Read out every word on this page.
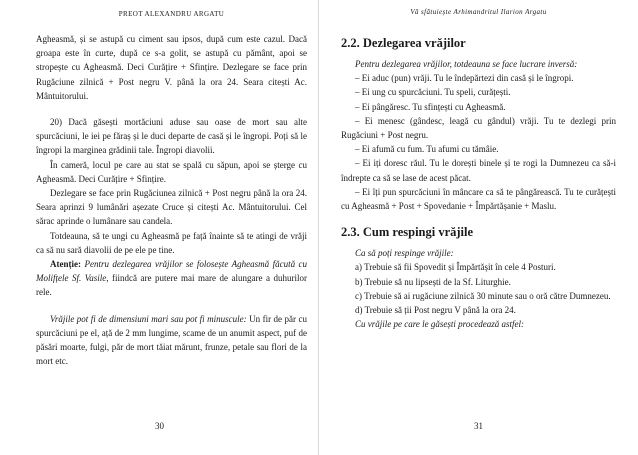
PREOT ALEXANDRU ARGATU

Agheasmă, și se astupă cu ciment sau ipsos, după cum este cazul. Dacă groapa este în curte, după ce s-a golit, se astupă cu pământ, apoi se stropește cu Agheasmă. Deci Curățire + Sfințire. Dezlegare se face prin Rugăciune zilnică + Post negru V. până la ora 24. Seara citești Ac. Mântuitorului.

20) Dacă găsești mortăciuni aduse sau oase de mort sau alte spurcăciuni, le iei pe făraș și le duci departe de casă și le îngropi. Poți să le îngropi la marginea grădinii tale. Îngropi diavolii.

În cameră, locul pe care au stat se spală cu săpun, apoi se șterge cu Agheasmă. Deci Curățire + Sfințire.

Dezlegare se face prin Rugăciunea zilnică + Post negru până la ora 24. Seara aprinzi 9 lumânări așezate Cruce și citești Ac. Mântuitorului. Cel sărac aprinde o lumânare sau candela.

Totdeauna, să te ungi cu Agheasmă pe față înainte să te atingi de vrăji ca să nu sară diavolii de pe ele pe tine.

Atenție: Pentru dezlegarea vrăjilor se folosește Agheasmă făcută cu Molifțele Sf. Vasile, fiindcă are putere mai mare de alungare a duhurilor rele.

Vrăjile pot fi de dimensiuni mari sau pot fi minuscule: Un fir de păr cu spurcăciuni pe el, ață de 2 mm lungime, scame de un anumit aspect, puf de păsări moarte, fulgi, păr de mort tăiat mărunt, frunze, petale sau flori de la mort etc.

30
Vă sfătuiește Arhimandritul Ilarion Argatu
2.2. Dezlegarea vrăjilor

Pentru dezlegarea vrăjilor, totdeauna se face lucrare inversă:

– Ei aduc (pun) vrăji. Tu le îndepărtezi din casă și le îngropi.

– Ei ung cu spurcăciuni. Tu speli, curățești.

– Ei pângăresc. Tu sfințești cu Agheasmă.

– Ei menesc (gândesc, leagă cu gândul) vrăji. Tu te dezlegi prin Rugăciuni + Post negru.

– Ei afumă cu fum. Tu afumi cu tămâie.

– Ei iți doresc răul. Tu le dorești binele și te rogi la Dumnezeu ca să-i îndrepte ca să se lase de acest păcat.

– Ei îți pun spurcăciuni în mâncare ca să te pângărească. Tu te curățești cu Agheasmă + Post + Spovedanie + Împărtășanie + Maslu.

2.3. Cum respingi vrăjile

Ca să poți respinge vrăjile:

a) Trebuie să fii Spovedit și Împărtășit în cele 4 Posturi.

b) Trebuie să nu lipsești de la Sf. Liturghie.

c) Trebuie să ai rugăciune zilnică 30 minute sau o oră către Dumnezeu.

d) Trebuie să ții Post negru V până la ora 24.

Cu vrăjile pe care le găsești procedează astfel:

31
